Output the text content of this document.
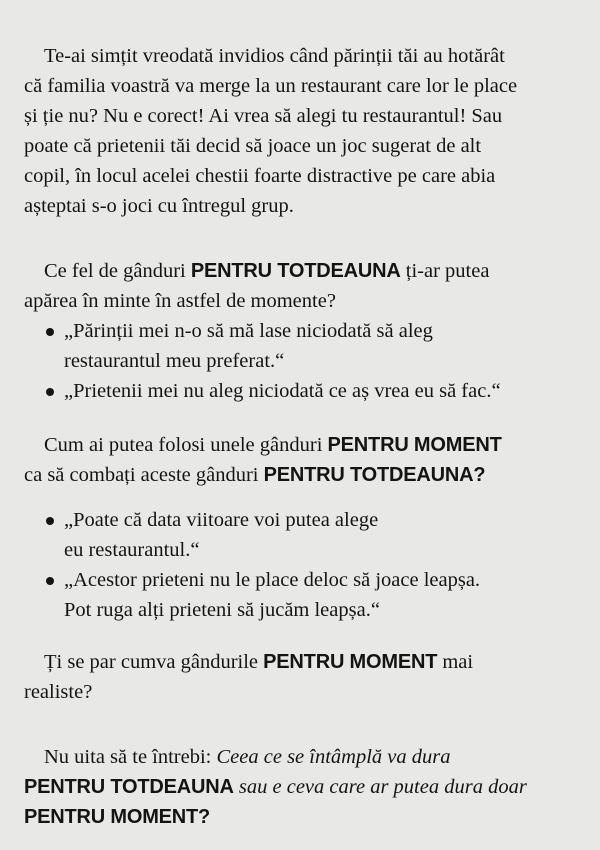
Te-ai simțit vreodată invidios când părinții tăi au hotărât
că familia voastră va merge la un restaurant care lor le place
și ție nu? Nu e corect! Ai vrea să alegi tu restaurantul! Sau
poate că prietenii tăi decid să joace un joc sugerat de alt
copil, în locul acelei chestii foarte distractive pe care abia
așteptai s-o joci cu întregul grup.
Ce fel de gânduri PENTRU TOTDEAUNA ți-ar putea
apărea în minte în astfel de momente?
„Părinții mei n-o să mă lase niciodată să aleg
restaurantul meu preferat.“
„Prietenii mei nu aleg niciodată ce aș vrea eu să fac.“
Cum ai putea folosi unele gânduri PENTRU MOMENT
ca să combați aceste gânduri PENTRU TOTDEAUNA?
„Poate că data viitoare voi putea alege
eu restaurantul.“
„Acestor prieteni nu le place deloc să joace leapșa.
Pot ruga alți prieteni să jucăm leapșa.“
Ți se par cumva gândurile PENTRU MOMENT mai
realiste?
Nu uita să te întrebi: Ceea ce se întâmplă va dura
PENTRU TOTDEAUNA sau e ceva care ar putea dura doar
PENTRU MOMENT?
